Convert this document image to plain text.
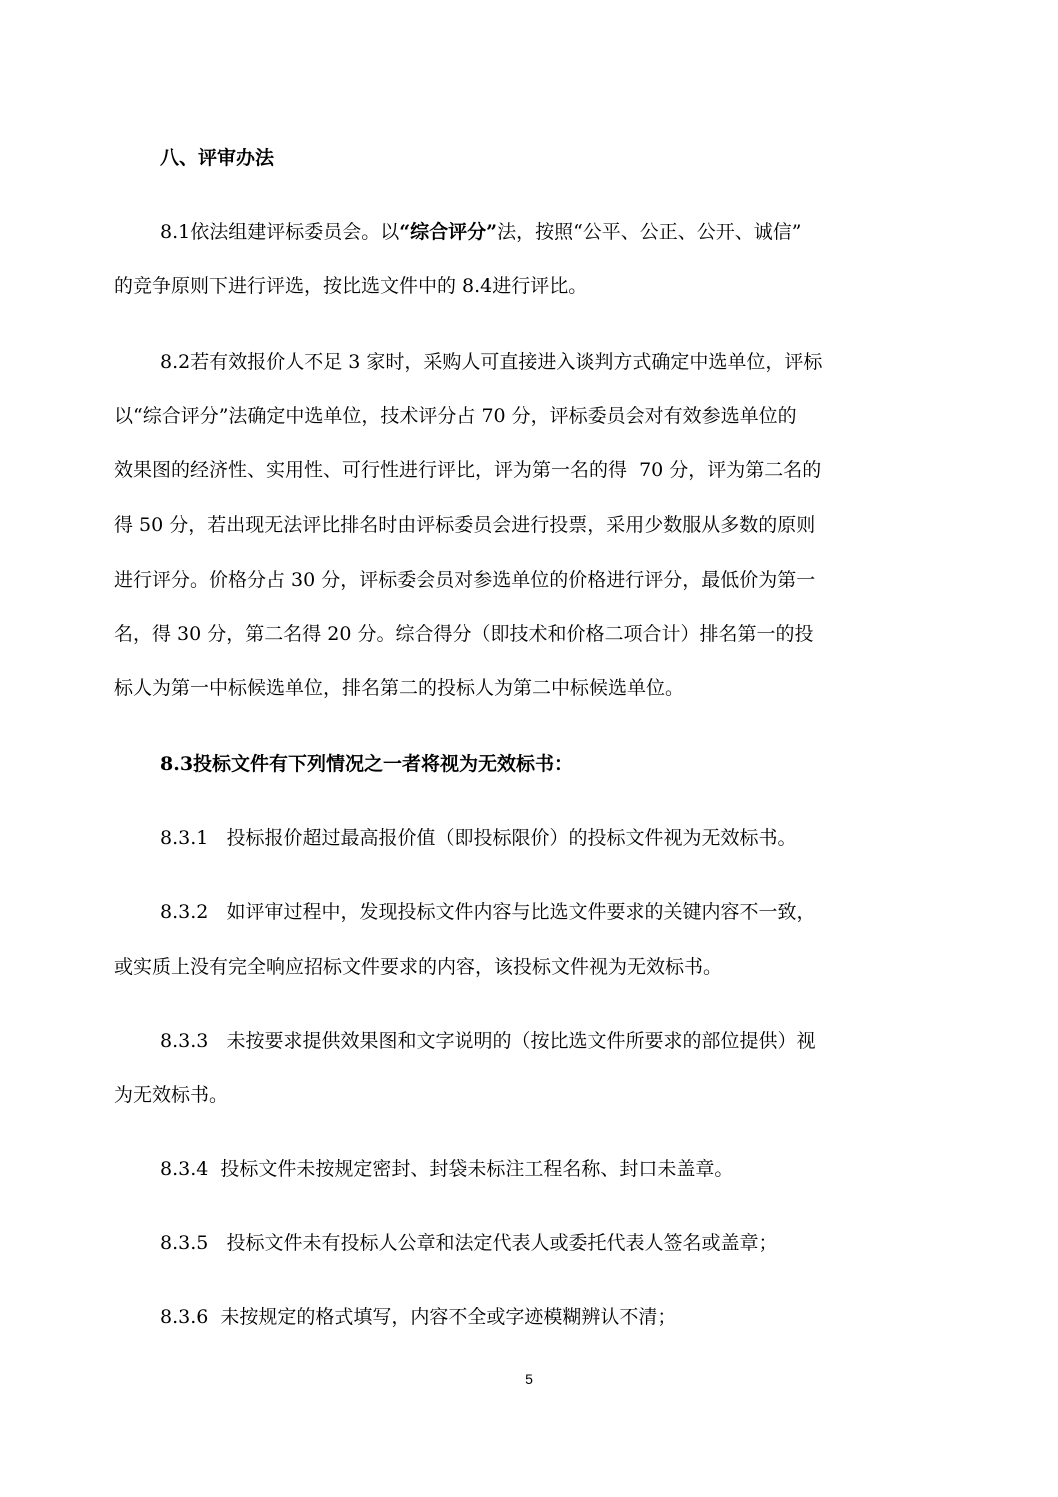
八、评审办法
8.1依法组建评标委员会。以“综合评分”法，按照“公平、公正、公开、诚信”
的竞争原则下进行评选，按比选文件中的 8.4进行评比。
8.2若有效报价人不足 3 家时，采购人可直接进入谈判方式确定中选单位，评标
以“综合评分”法确定中选单位，技术评分占 70 分，评标委员会对有效参选单位的
效果图的经济性、实用性、可行性进行评比，评为第一名的得  70 分，评为第二名的
得 50 分，若出现无法评比排名时由评标委员会进行投票，采用少数服从多数的原则
进行评分。价格分占 30 分，评标委会员对参选单位的价格进行评分，最低价为第一
名，得 30 分，第二名得 20 分。综合得分（即技术和价格二项合计）排名第一的投
标人为第一中标候选单位，排名第二的投标人为第二中标候选单位。
8.3投标文件有下列情况之一者将视为无效标书：
8.3.1   投标报价超过最高报价值（即投标限价）的投标文件视为无效标书。
8.3.2   如评审过程中，发现投标文件内容与比选文件要求的关键内容不一致，
或实质上没有完全响应招标文件要求的内容，该投标文件视为无效标书。
8.3.3   未按要求提供效果图和文字说明的（按比选文件所要求的部位提供）视
为无效标书。
8.3.4  投标文件未按规定密封、封袋未标注工程名称、封口未盖章。
8.3.5   投标文件未有投标人公章和法定代表人或委托代表人签名或盖章；
8.3.6  未按规定的格式填写，内容不全或字迹模糊辨认不清；
5
